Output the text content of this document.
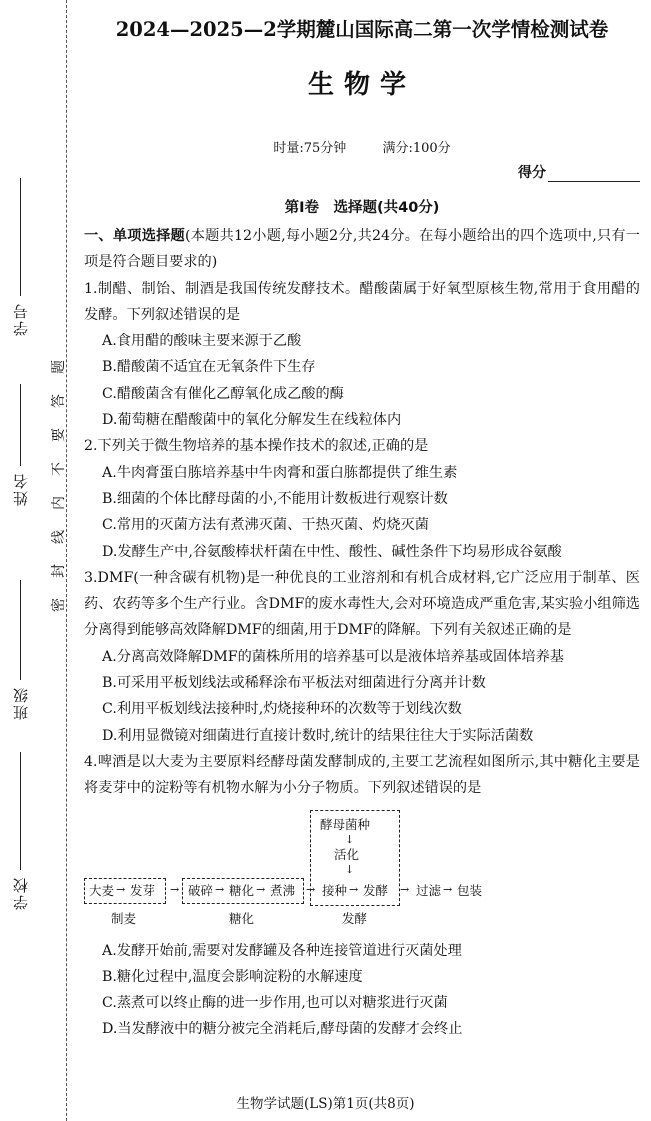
学号
姓名
班级
学校
题
答
要
不
内
线
封
密
2024—2025—2学期麓山国际高二第一次学情检测试卷
生物学
时量:75分钟	满分:100分
得分
第Ⅰ卷　选择题(共40分)
一、单项选择题(本题共12小题,每小题2分,共24分。在每小题给出的四个选项中,只有一项是符合题目要求的)
1.制醋、制饴、制酒是我国传统发酵技术。醋酸菌属于好氧型原核生物,常用于食用醋的发酵。下列叙述错误的是
A.食用醋的酸味主要来源于乙酸
B.醋酸菌不适宜在无氧条件下生存
C.醋酸菌含有催化乙醇氧化成乙酸的酶
D.葡萄糖在醋酸菌中的氧化分解发生在线粒体内
2.下列关于微生物培养的基本操作技术的叙述,正确的是
A.牛肉膏蛋白胨培养基中牛肉膏和蛋白胨都提供了维生素
B.细菌的个体比酵母菌的小,不能用计数板进行观察计数
C.常用的灭菌方法有煮沸灭菌、干热灭菌、灼烧灭菌
D.发酵生产中,谷氨酸棒状杆菌在中性、酸性、碱性条件下均易形成谷氨酸
3.DMF(一种含碳有机物)是一种优良的工业溶剂和有机合成材料,它广泛应用于制革、医药、农药等多个生产行业。含DMF的废水毒性大,会对环境造成严重危害,某实验小组筛选分离得到能够高效降解DMF的细菌,用于DMF的降解。下列有关叙述正确的是
A.分离高效降解DMF的菌株所用的培养基可以是液体培养基或固体培养基
B.可采用平板划线法或稀释涂布平板法对细菌进行分离并计数
C.利用平板划线法接种时,灼烧接种环的次数等于划线次数
D.利用显微镜对细菌进行直接计数时,统计的结果往往大于实际活菌数
4.啤酒是以大麦为主要原料经酵母菌发酵制成的,主要工艺流程如图所示,其中糖化主要是将麦芽中的淀粉等有机物水解为小分子物质。下列叙述错误的是
酵母菌种
↓
活化
↓
大麦 → 发芽 → 破碎 → 糖化 → 煮沸 → 接种 → 发酵 → 过滤 → 包装
制麦	糖化	发酵
A.发酵开始前,需要对发酵罐及各种连接管道进行灭菌处理
B.糖化过程中,温度会影响淀粉的水解速度
C.蒸煮可以终止酶的进一步作用,也可以对糖浆进行灭菌
D.当发酵液中的糖分被完全消耗后,酵母菌的发酵才会终止
生物学试题(LS)第1页(共8页)
